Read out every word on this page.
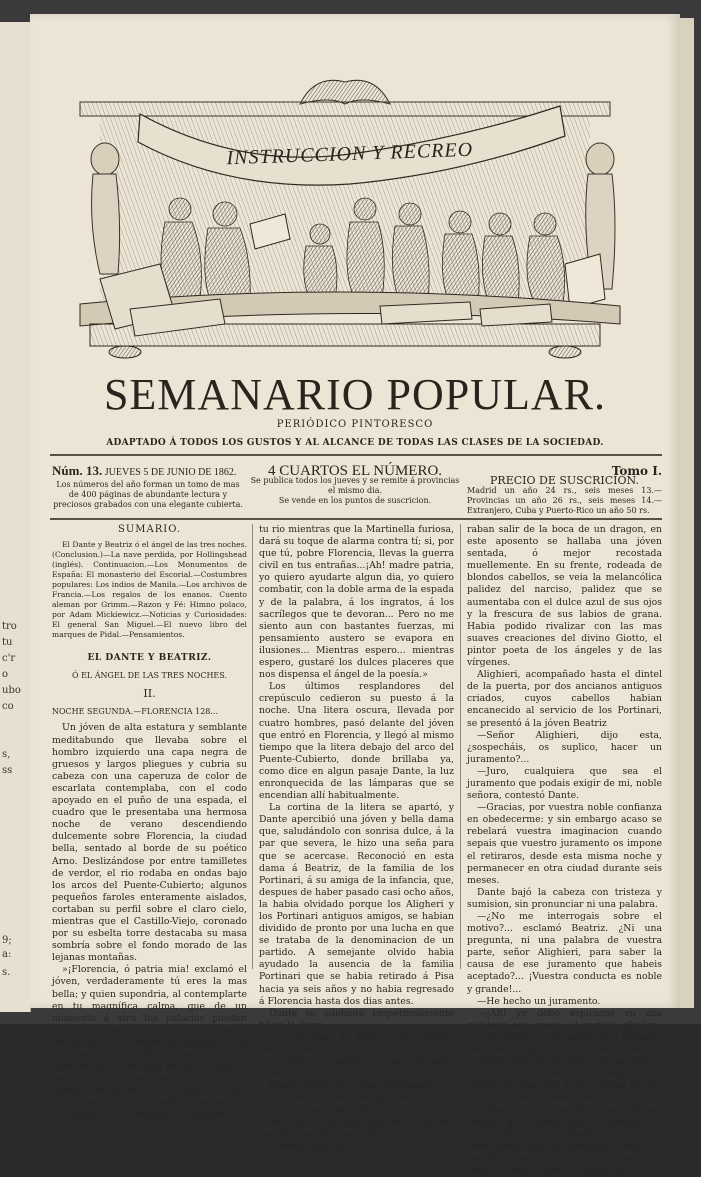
tro
tu
c'r
o
ubo
co
s,
ss
9;
a:
s.
INSTRUCCION Y RECREO
SEMANARIO POPULAR.
PERIÓDICO PINTORESCO
ADAPTADO Á TODOS LOS GUSTOS Y AL ALCANCE DE TODAS LAS CLASES DE LA SOCIEDAD.
Núm. 13. JUEVES 5 DE JUNIO DE 1862.
Los números del año forman un tomo de mas de 400 páginas de abundante lectura y preciosos grabados con una elegante cubierta.
4 CUARTOS EL NÚMERO.
Se publica todos los jueves y se remite á provincias el mismo dia.
Se vende en los puntos de suscricion.
Tomo I.
PRECIO DE SUSCRICION.
Madrid un año 24 rs., seis meses 13.—Provincias un año 26 rs., seis meses 14.—Extranjero, Cuba y Puerto-Rico un año 50 rs.
SUMARIO.

El Dante y Beatriz ó el ángel de las tres noches. (Conclusion.)—La nave perdida, por Hollingshead (inglés). Continuacion.—Los Monumentos de España: El monasterio del Escorial.—Costumbres populares: Los indios de Manila.—Los archivos de Francia.—Los regalos de los enanos. Cuento aleman por Grimm.—Razon y Fé: Himno polaco, por Adam Mickiewicz.—Noticias y Curiosidades: El general San Miguel.—El nuevo libro del marques de Pidal.—Pensamientos.

EL DANTE Y BEATRIZ.
Ó EL ÁNGEL DE LAS TRES NOCHES.
II.
NOCHE SEGUNDA.—FLORENCIA 128...

Un jóven de alta estatura y semblante meditabundo que llevaba sobre el hombro izquierdo una capa negra de gruesos y largos pliegues y cubria su cabeza con una caperuza de color de escarlata contemplaba, con el codo apoyado en el puño de una espada, el cuadro que le presentaba una hermosa noche de verano descendiendo dulcemente sobre Florencia, la ciudad bella, sentado al borde de su poético Arno. Deslizándose por entre tamilletes de verdor, el rio rodaba en ondas bajo los arcos del Puente-Cubierto; algunos pequeños faroles enteramente aislados, cortaban su perfil sobre el claro cielo, mientras que el Castillo-Viejo, coronado por su esbelta torre destacaba su masa sombría sobre el fondo morado de las lejanas montañas.

»¡Florencia, ó patria mia! exclamó el jóven, verdaderamente tú eres la mas bella; y quien supondria, al contemplarte en tu magnífica calma, que de un momento á otro tus palacios pueden convertirse en otras tantas fortalezas, tus plazas en campos de batalla y tus hijos en encarnizados enemigos!... Los puentes van á trocarse en barricadas; el hierro y las llamas van á atacar tus flancos de granito! No habrá ni una coraza vacía ni una espada envainada.—La sangre y el incendio detendrán las aguas de

tu rio mientras que la Martinella furiosa, dará su toque de alarma contra tí; si, por que tú, pobre Florencia, llevas la guerra civil en tus entrañas...¡Ah! madre patria, yo quiero ayudarte algun dia, yo quiero combatir, con la doble arma de la espada y de la palabra, á los ingratos, á los sacrílegos que te devoran... Pero no me siento aun con bastantes fuerzas, mi pensamiento austero se evapora en ilusiones... Mientras espero... mientras espero, gustaré los dulces placeres que nos dispensa el ángel de la poesía.»

Los últimos resplandores del crepúsculo cedieron su puesto á la noche. Una litera oscura, llevada por cuatro hombres, pasó delante del jóven que entró en Florencia, y llegó al mismo tiempo que la litera debajo del arco del Puente-Cubierto, donde brillaba ya, como dice en algun pasaje Dante, la luz enronquecida de las lámparas que se encendian allí habitualmente.

La cortina de la litera se apartó, y Dante apercibió una jóven y bella dama que, saludándolo con sonrisa dulce, á la par que severa, le hizo una seña para que se acercase. Reconoció en esta dama á Beatriz, de la familia de los Portinari, á su amiga de la infancia, que, despues de haber pasado casi ocho años, la habia olvidado porque los Aligheri y los Portinari antiguos amigos, se habian dividido de pronto por una lucha en que se trataba de la denominacion de un partido. A semejante olvido habia ayudado la ausencia de la familia Portinari que se habia retirado á Pisa hacia ya seis años y no habia regresado á Florencia hasta dos dias antes.

Dante se adelantó respetuosamente hácia la litera.

—«A la casa de Falco,» dijo Beatriz con voz tímida y grave.

Y volvió la cortina á tapar su bella figura.

Dante llegó al lugar designado un cuarto de hora despues que Beatriz.

En un aposento cubierto de tapicerías y de cuyo techo adornado de esculturas pendia una lámpara de plata con tres mecheros, que figu-

raban salir de la boca de un dragon, en este aposento se hallaba una jóven sentada, ó mejor recostada muellemente. En su frente, rodeada de blondos cabellos, se veia la melancólica palidez del narciso, palidez que se aumentaba con el dulce azul de sus ojos y la frescura de sus labios de grana. Habia podido rivalizar con las mas suaves creaciones del divino Giotto, el pintor poeta de los ángeles y de las vírgenes.

Alighieri, acompañado hasta el dintel de la puerta, por dos ancianos antiguos criados, cuyos cabellos habian encanecido al servicio de los Portinari, se presentó á la jóven Beatriz

—Señor Alighieri, dijo esta, ¿sospecháis, os suplico, hacer un juramento?...

—Juro, cualquiera que sea el juramento que podais exigir de mi, noble señora, contestó Dante.

—Gracias, por vuestra noble confianza en obedecerme: y sin embargo acaso se rebelará vuestra imaginacion cuando sepais que vuestro juramento os impone el retiraros, desde esta misma noche y permanecer en otra ciudad durante seis meses.

Dante bajó la cabeza con tristeza y sumision, sin pronunciar ni una palabra.

—¿No me interrogais sobre el motivo?... esclamó Beatriz. ¿Ni una pregunta, ni una palabra de vuestra parte, señor Alighieri, para saber la causa de ese juramento que habeis aceptado?... ¡Vuestra conducta es noble y grande!...

—He hecho un juramento.

—¡Ah! yo debo espicaros en dos palabras esta causa: el partido gibelino, si, los gibelinos, he sabido que irritados por vuestro genio, os han señalado con el lápiz rojo en el libro de su odio y vuestra vida no está segura en Florencia. Marchad á otra ciudad de que los güelfos sean dueños suyos.

—Bendita seais, noble y bondadísima señora, que habeis sido la hermana de mi infancia... Obedeceré... Pero permitidme que os pregunte cómo he podido merecer el ser protegido por esta boca con ese nombre de genio que
